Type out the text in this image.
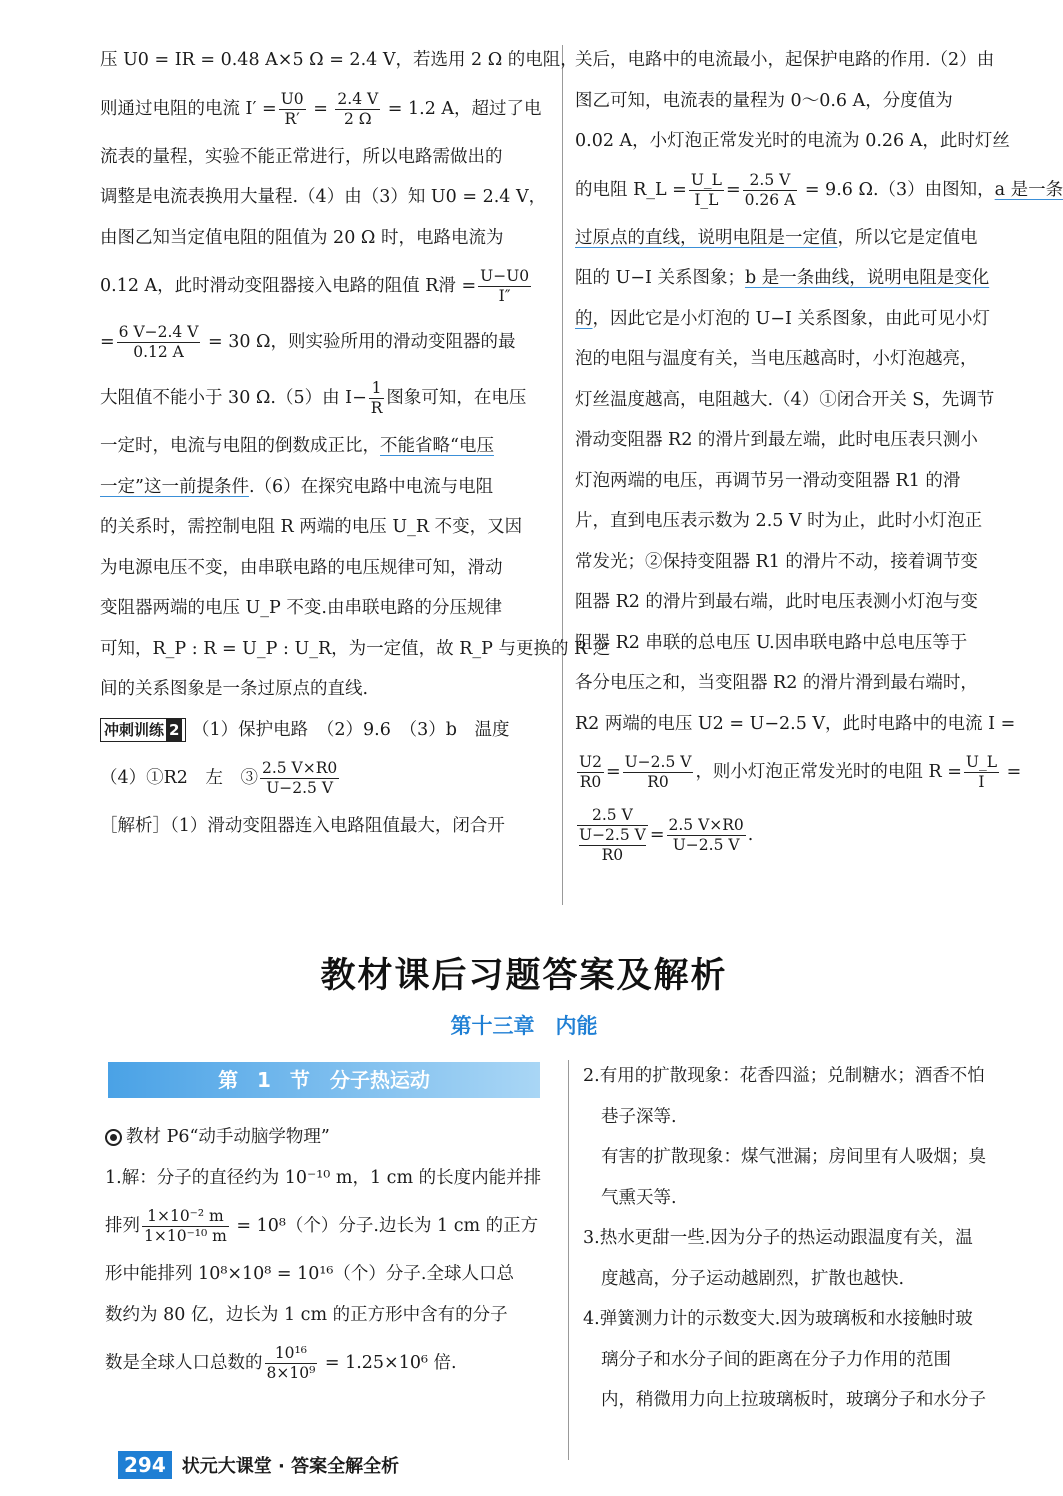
压 U0 = IR = 0.48 A×5 Ω = 2.4 V，若选用 2 Ω 的电阻，
则通过电阻的电流 $I' = \frac{U0}{R'} = \frac{2.4 V}{2 \Omega} = 1.2$ A，超过了电
流表的量程，实验不能正常进行，所以电路需做出的
调整是电流表换用大量程.（4）由（3）知 U0 = 2.4 V，
由图乙知当定值电阻的阻值为 20 Ω 时，电路电流为
0.12 A，此时滑动变阻器接入电路的阻值 R滑 = $\frac{U-U0}{I''}$
= $\frac{6 V-2.4 V}{0.12 A} = 30$ Ω，则实验所用的滑动变阻器的最
大阻值不能小于 30 Ω.（5）由 $I- \frac{1}{R}$ 图象可知，在电压
一定时，电流与电阻的倒数成正比，不能省略“电压
一定”这一前提条件.（6）在探究电路中电流与电阻
的关系时，需控制电阻 R 两端的电压 U_R 不变，又因
为电源电压不变，由串联电路的电压规律可知，滑动
变阻器两端的电压 U_P 不变.由串联电路的分压规律
可知，R_P : R = U_P : U_R，为一定值，故 R_P 与更换的 R 之
间的关系图象是一条过原点的直线.
冲刺训练 2 （1）保护电路　（2）9.6　（3）b　温度
（4）①R2　左　③ $\frac{2.5 V\times R0}{U-2.5 V}$
［解析］（1）滑动变阻器连入电路阻值最大，闭合开
关后，电路中的电流最小，起保护电路的作用.（2）由
图乙可知，电流表的量程为 0～0.6 A，分度值为
0.02 A，小灯泡正常发光时的电流为 0.26 A，此时灯丝
的电阻 R_L = $\frac{U\_L}{I\_L} = \frac{2.5 V}{0.26 A} = 9.6$ Ω.（3）由图知，a 是一条
过原点的直线，说明电阻是一定值，所以它是定值电
阻的 U−I 关系图象；b 是一条曲线，说明电阻是变化
的，因此它是小灯泡的 U−I 关系图象，由此可见小灯
泡的电阻与温度有关，当电压越高时，小灯泡越亮，
灯丝温度越高，电阻越大.（4）①闭合开关 S，先调节
滑动变阻器 R2 的滑片到最左端，此时电压表只测小
灯泡两端的电压，再调节另一滑动变阻器 R1 的滑
片，直到电压表示数为 2.5 V 时为止，此时小灯泡正
常发光；②保持变阻器 R1 的滑片不动，接着调节变
阻器 R2 的滑片到最右端，此时电压表测小灯泡与变
阻器 R2 串联的总电压 U.因串联电路中总电压等于
各分电压之和，当变阻器 R2 的滑片滑到最右端时，
R2 两端的电压 U2 = U−2.5 V，此时电路中的电流 I =
$\frac{U2}{R0} = \frac{U-2.5 V}{R0}$ ，则小灯泡正常发光时的电阻 $R = \frac{U\_L}{I}$ =
2.5 V
U−2.5 V
$R0 = \frac{2.5 V\times R0}{U-2.5 V}$ .
教材课后习题答案及解析
第十三章　内能
第 1 节　分子热运动
教材 P6“动手动脑学物理”
1.解：分子的直径约为 10⁻¹⁰ m，1 cm 的长度内能并排
排列 $\frac{\text{1×10⁻² m}}{\text{1×10⁻¹⁰ m}} = 10^8$（个）分子.边长为 1 cm 的正方
形中能排列 10⁸×10⁸ = 10¹⁶（个）分子.全球人口总
数约为 80 亿，边长为 1 cm 的正方形中含有的分子
数是全球人口总数的 $\frac{\text{10¹⁶}}{\text{8×10⁹}} = 1.25\times 10^6$ 倍.
2.有用的扩散现象：花香四溢；兑制糖水；酒香不怕
巷子深等.
有害的扩散现象：煤气泄漏；房间里有人吸烟；臭
气熏天等.
3.热水更甜一些.因为分子的热运动跟温度有关，温
度越高，分子运动越剧烈，扩散也越快.
4.弹簧测力计的示数变大.因为玻璃板和水接触时玻
璃分子和水分子间的距离在分子力作用的范围
内，稍微用力向上拉玻璃板时，玻璃分子和水分子
294 状元大课堂 · 答案全解全析
